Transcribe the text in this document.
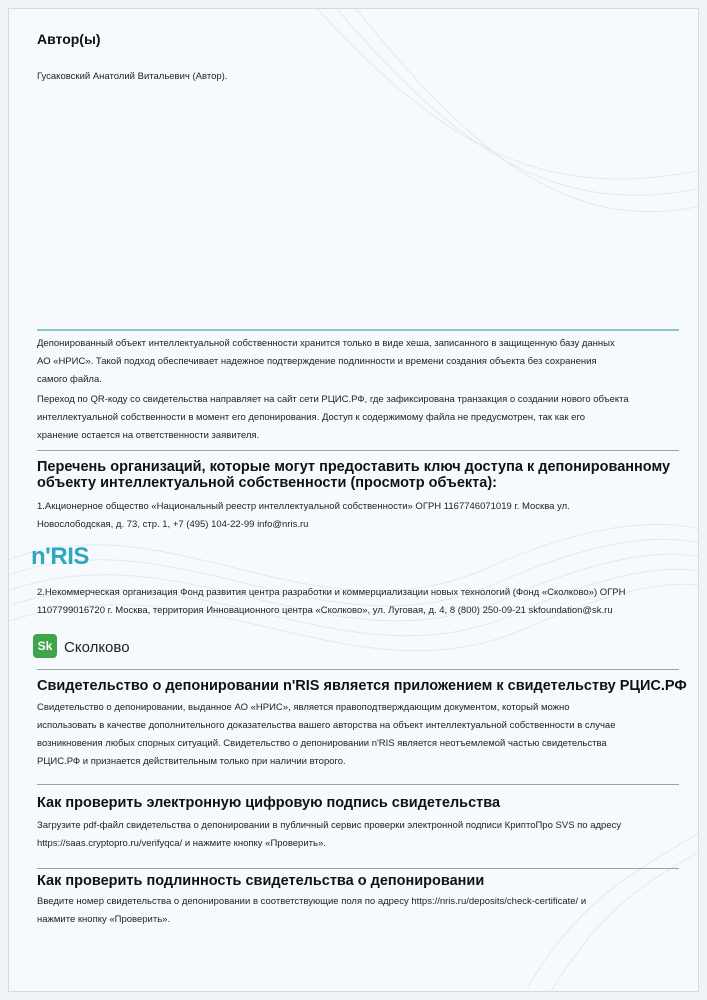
Автор(ы)
Гусаковский Анатолий Витальевич (Автор).
Депонированный объект интеллектуальной собственности хранится только в виде хеша, записанного в защищенную базу данных
АО «НРИС». Такой подход обеспечивает надежное подтверждение подлинности и времени создания объекта без сохранения
самого файла.
Переход по QR-коду со свидетельства направляет на сайт сети РЦИС.РФ, где зафиксирована транзакция о создании нового объекта
интеллектуальной собственности в момент его депонирования. Доступ к содержимому файла не предусмотрен, так как его
хранение остается на ответственности заявителя.
Перечень организаций, которые могут предоставить ключ доступа к депонированному
объекту интеллектуальной собственности (просмотр объекта):
1.Акционерное общество «Национальный реестр интеллектуальной собственности» ОГРН 1167746071019 г. Москва ул.
Новослободская, д. 73, стр. 1, +7 (495) 104-22-99 info@nris.ru
n'RIS
2.Некоммерческая организация Фонд развития центра разработки и коммерциализации новых технологий (Фонд «Сколково») ОГРН
1107799016720 г. Москва, территория Инновационного центра «Сколково», ул. Луговая, д. 4, 8 (800) 250-09-21 skfoundation@sk.ru
Sk Сколково
Свидетельство о депонировании n'RIS является приложением к свидетельству РЦИС.РФ
Свидетельство о депонировании, выданное АО «НРИС», является правоподтверждающим документом, который можно
использовать в качестве дополнительного доказательства вашего авторства на объект интеллектуальной собственности в случае
возникновения любых спорных ситуаций. Свидетельство о депонировании n'RIS является неотъемлемой частью свидетельства
РЦИС.РФ и признается действительным только при наличии второго.
Как проверить электронную цифровую подпись свидетельства
Загрузите pdf-файл свидетельства о депонировании в публичный сервис проверки электронной подписи КриптоПро SVS по адресу
https://saas.cryptopro.ru/verifyqca/ и нажмите кнопку «Проверить».
Как проверить подлинность свидетельства о депонировании
Введите номер свидетельства о депонировании в соответствующие поля по адресу https://nris.ru/deposits/check-certificate/ и
нажмите кнопку «Проверить».
